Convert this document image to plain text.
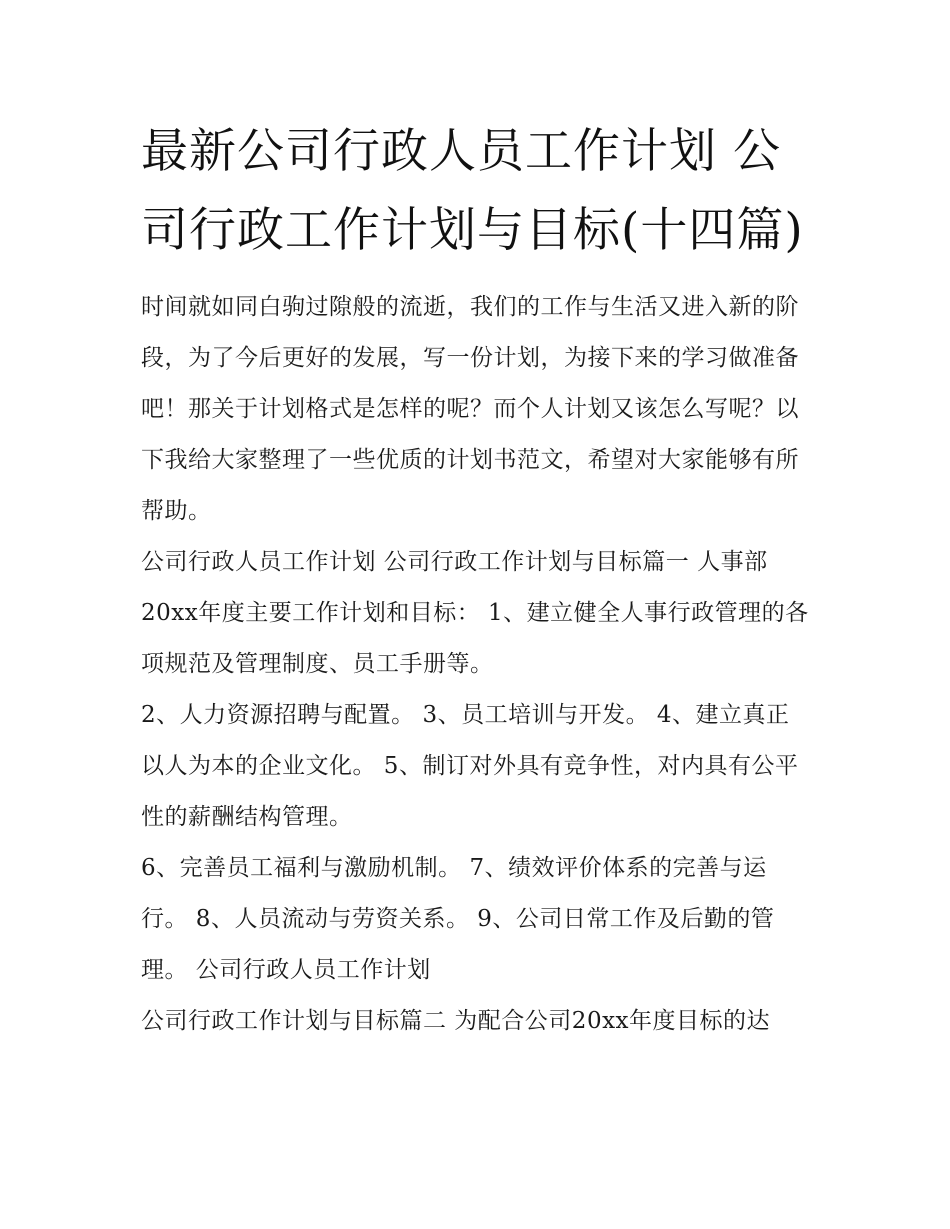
最新公司行政人员工作计划 公司行政工作计划与目标(十四篇)

时间就如同白驹过隙般的流逝，我们的工作与生活又进入新的阶段，为了今后更好的发展，写一份计划，为接下来的学习做准备吧！那关于计划格式是怎样的呢？而个人计划又该怎么写呢？以下我给大家整理了一些优质的计划书范文，希望对大家能够有所帮助。

公司行政人员工作计划 公司行政工作计划与目标篇一 人事部20xx年度主要工作计划和目标： 1、建立健全人事行政管理的各项规范及管理制度、员工手册等。

2、人力资源招聘与配置。 3、员工培训与开发。 4、建立真正以人为本的企业文化。 5、制订对外具有竞争性，对内具有公平性的薪酬结构管理。

6、完善员工福利与激励机制。 7、绩效评价体系的完善与运行。 8、人员流动与劳资关系。 9、公司日常工作及后勤的管理。 公司行政人员工作计划

公司行政工作计划与目标篇二 为配合公司20xx年度目标的达
